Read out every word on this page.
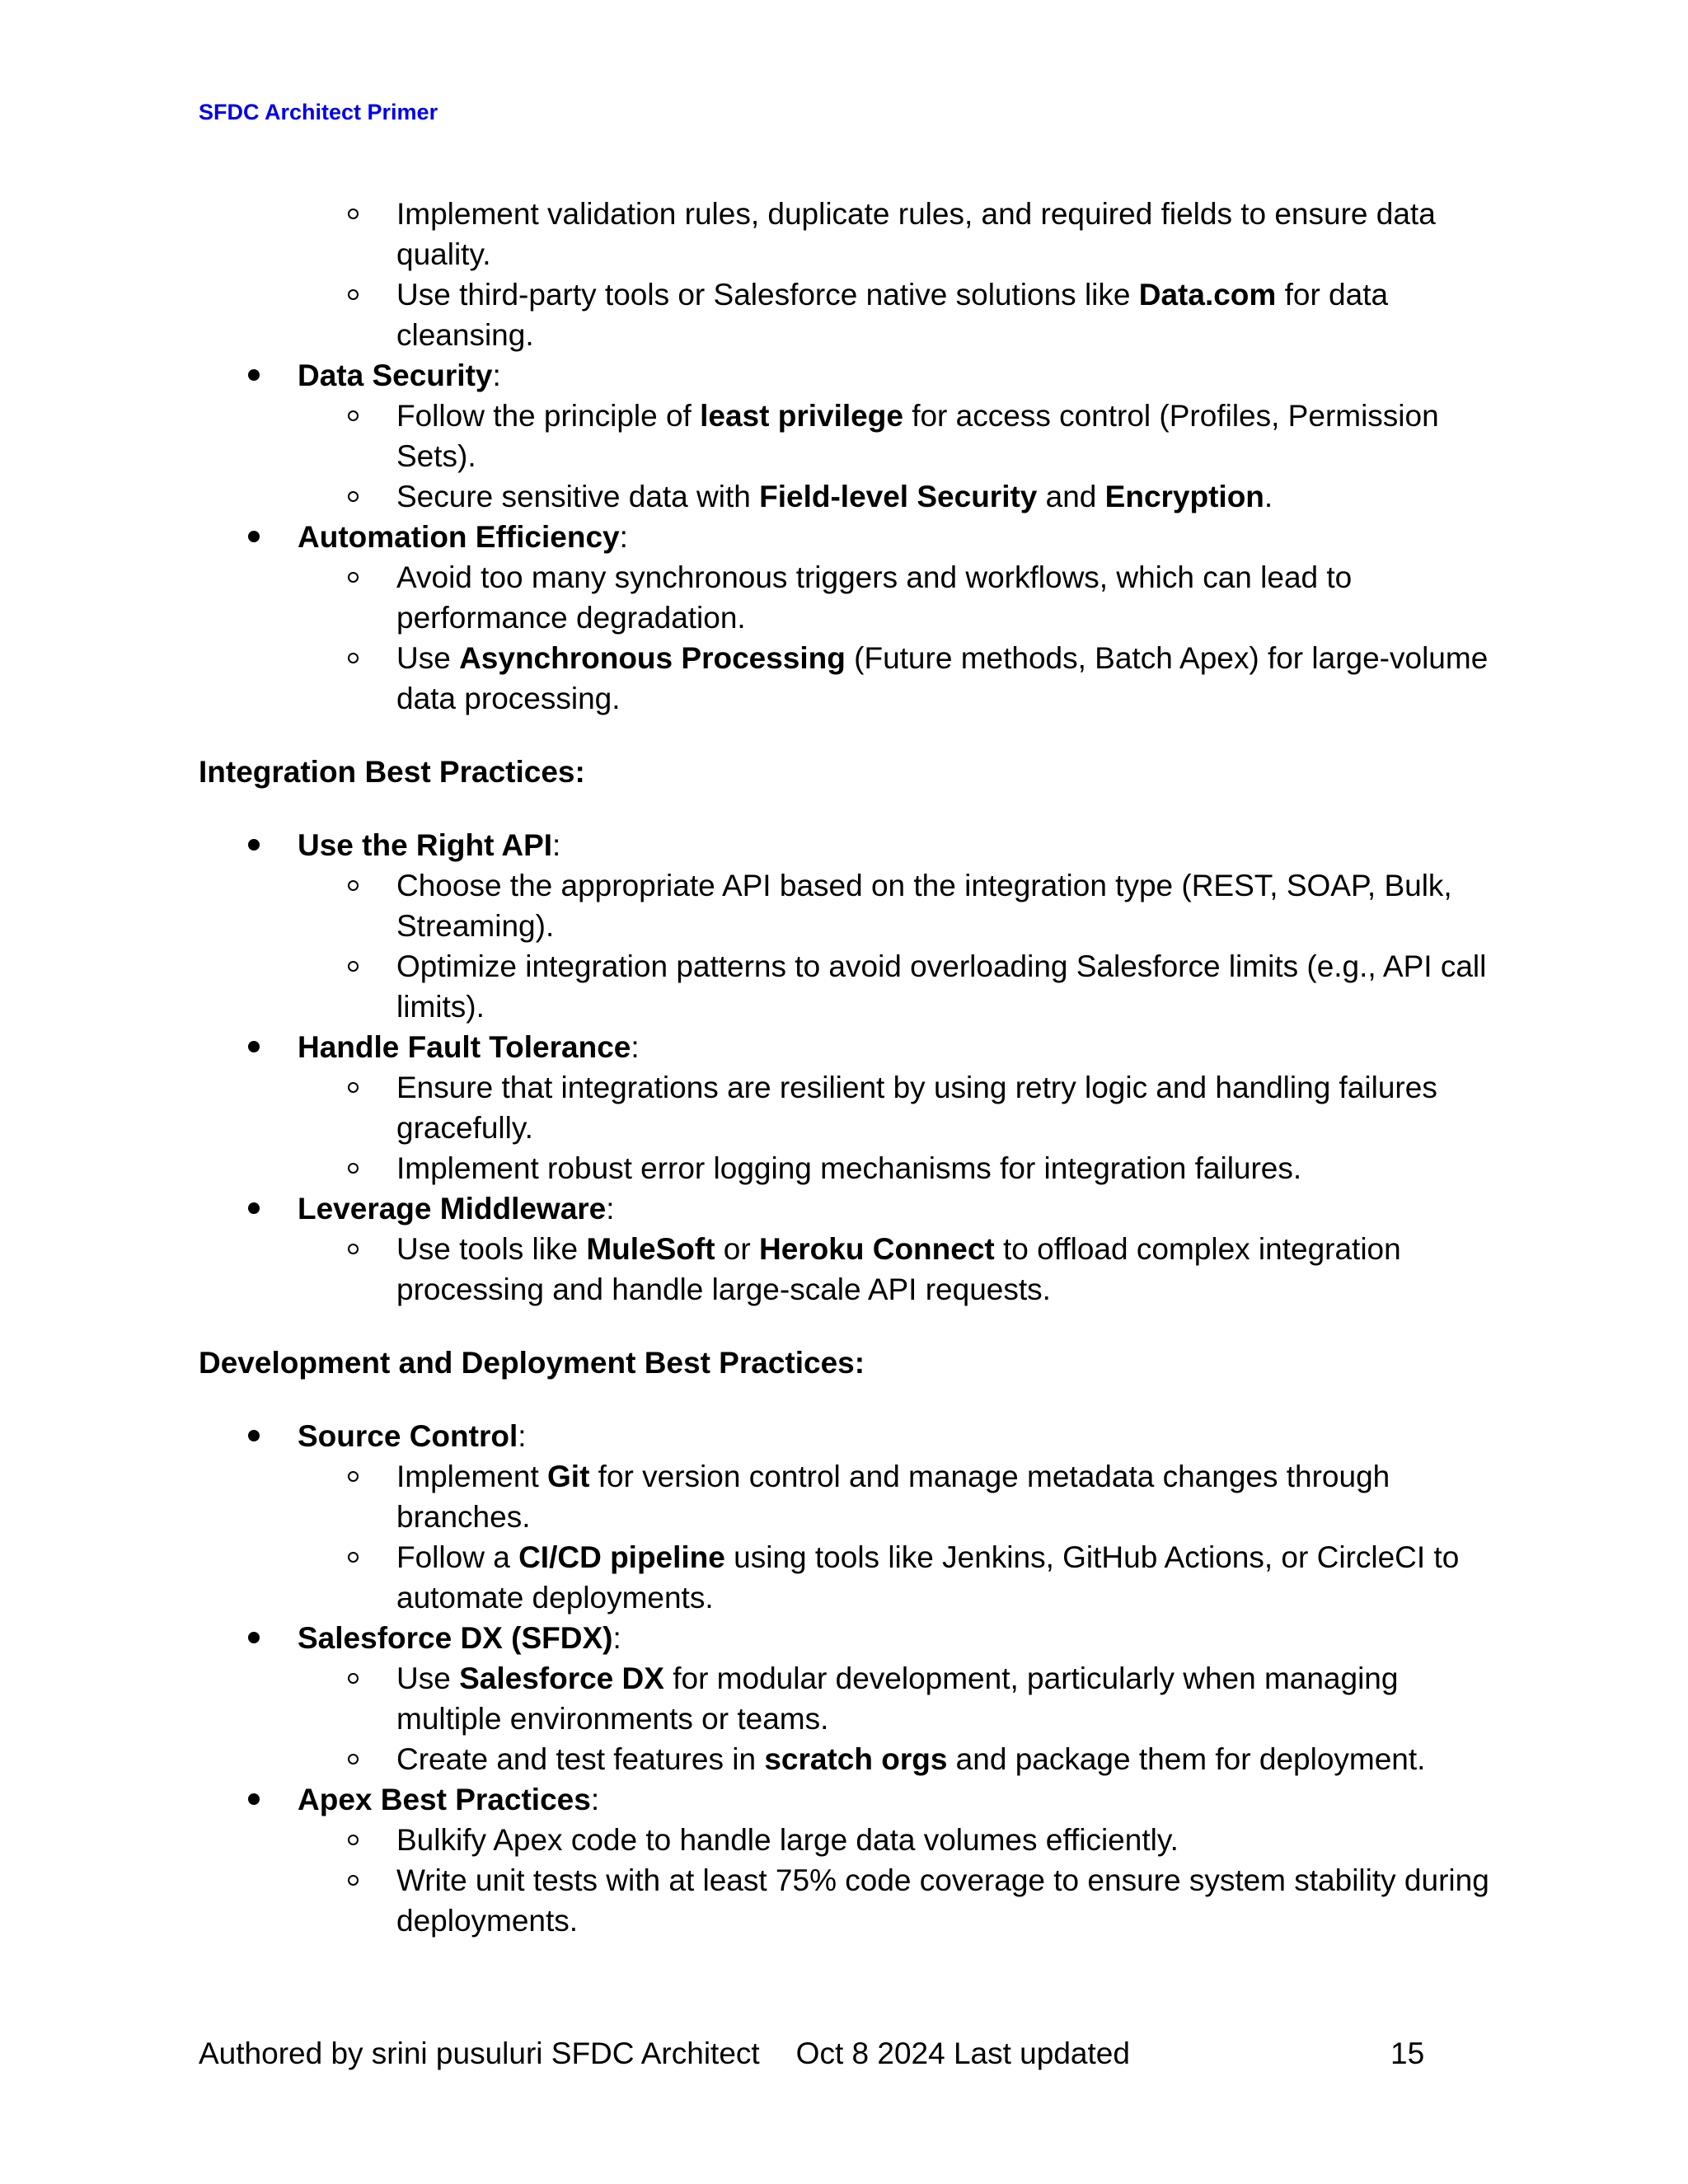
SFDC Architect Primer
Implement validation rules, duplicate rules, and required fields to ensure data quality.
Use third-party tools or Salesforce native solutions like Data.com for data cleansing.
Data Security:
Follow the principle of least privilege for access control (Profiles, Permission Sets).
Secure sensitive data with Field-level Security and Encryption.
Automation Efficiency:
Avoid too many synchronous triggers and workflows, which can lead to performance degradation.
Use Asynchronous Processing (Future methods, Batch Apex) for large-volume data processing.
Integration Best Practices:
Use the Right API:
Choose the appropriate API based on the integration type (REST, SOAP, Bulk, Streaming).
Optimize integration patterns to avoid overloading Salesforce limits (e.g., API call limits).
Handle Fault Tolerance:
Ensure that integrations are resilient by using retry logic and handling failures gracefully.
Implement robust error logging mechanisms for integration failures.
Leverage Middleware:
Use tools like MuleSoft or Heroku Connect to offload complex integration processing and handle large-scale API requests.
Development and Deployment Best Practices:
Source Control:
Implement Git for version control and manage metadata changes through branches.
Follow a CI/CD pipeline using tools like Jenkins, GitHub Actions, or CircleCI to automate deployments.
Salesforce DX (SFDX):
Use Salesforce DX for modular development, particularly when managing multiple environments or teams.
Create and test features in scratch orgs and package them for deployment.
Apex Best Practices:
Bulkify Apex code to handle large data volumes efficiently.
Write unit tests with at least 75% code coverage to ensure system stability during deployments.
Authored by srini pusuluri SFDC Architect Oct 8 2024 Last updated	15
